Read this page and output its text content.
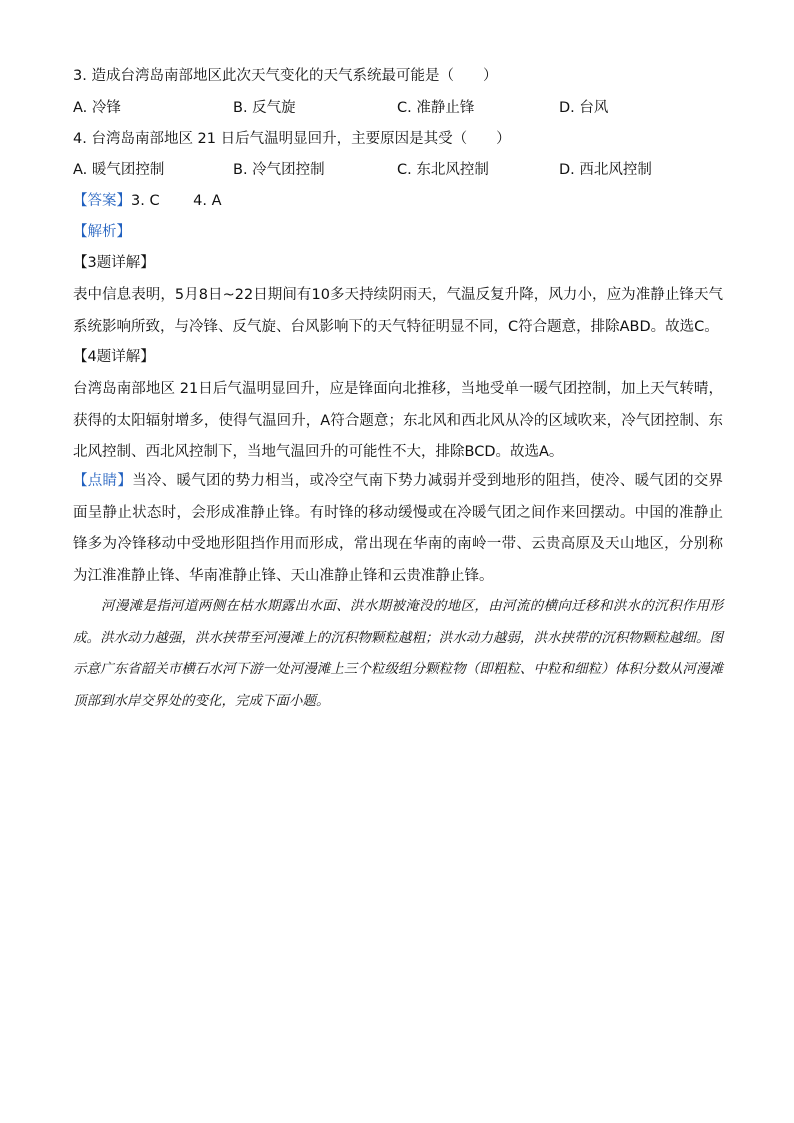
3. 造成台湾岛南部地区此次天气变化的天气系统最可能是（　　）
A. 冷锋	B. 反气旋	C. 准静止锋	D. 台风
4. 台湾岛南部地区 21 日后气温明显回升，主要原因是其受（　　）
A. 暖气团控制	B. 冷气团控制	C. 东北风控制	D. 西北风控制
【答案】3. C　　 4. A
【解析】
【3题详解】
表中信息表明，5月8日~22日期间有10多天持续阴雨天，气温反复升降，风力小，应为准静止锋天气系统影响所致，与冷锋、反气旋、台风影响下的天气特征明显不同，C符合题意，排除ABD。故选C。
【4题详解】
台湾岛南部地区 21日后气温明显回升，应是锋面向北推移，当地受单一暖气团控制，加上天气转晴，获得的太阳辐射增多，使得气温回升，A符合题意；东北风和西北风从冷的区域吹来，冷气团控制、东北风控制、西北风控制下，当地气温回升的可能性不大，排除BCD。故选A。
【点睛】当冷、暖气团的势力相当，或冷空气南下势力减弱并受到地形的阻挡，使冷、暖气团的交界面呈静止状态时，会形成准静止锋。有时锋的移动缓慢或在冷暖气团之间作来回摆动。中国的准静止锋多为冷锋移动中受地形阻挡作用而形成，常出现在华南的南岭一带、云贵高原及天山地区，分别称为江淮准静止锋、华南准静止锋、天山准静止锋和云贵准静止锋。
河漫滩是指河道两侧在枯水期露出水面、洪水期被淹没的地区，由河流的横向迁移和洪水的沉积作用形成。洪水动力越强，洪水挟带至河漫滩上的沉积物颗粒越粗；洪水动力越弱，洪水挟带的沉积物颗粒越细。图示意广东省韶关市横石水河下游一处河漫滩上三个粒级组分颗粒物（即粗粒、中粒和细粒）体积分数从河漫滩顶部到水岸交界处的变化，完成下面小题。
